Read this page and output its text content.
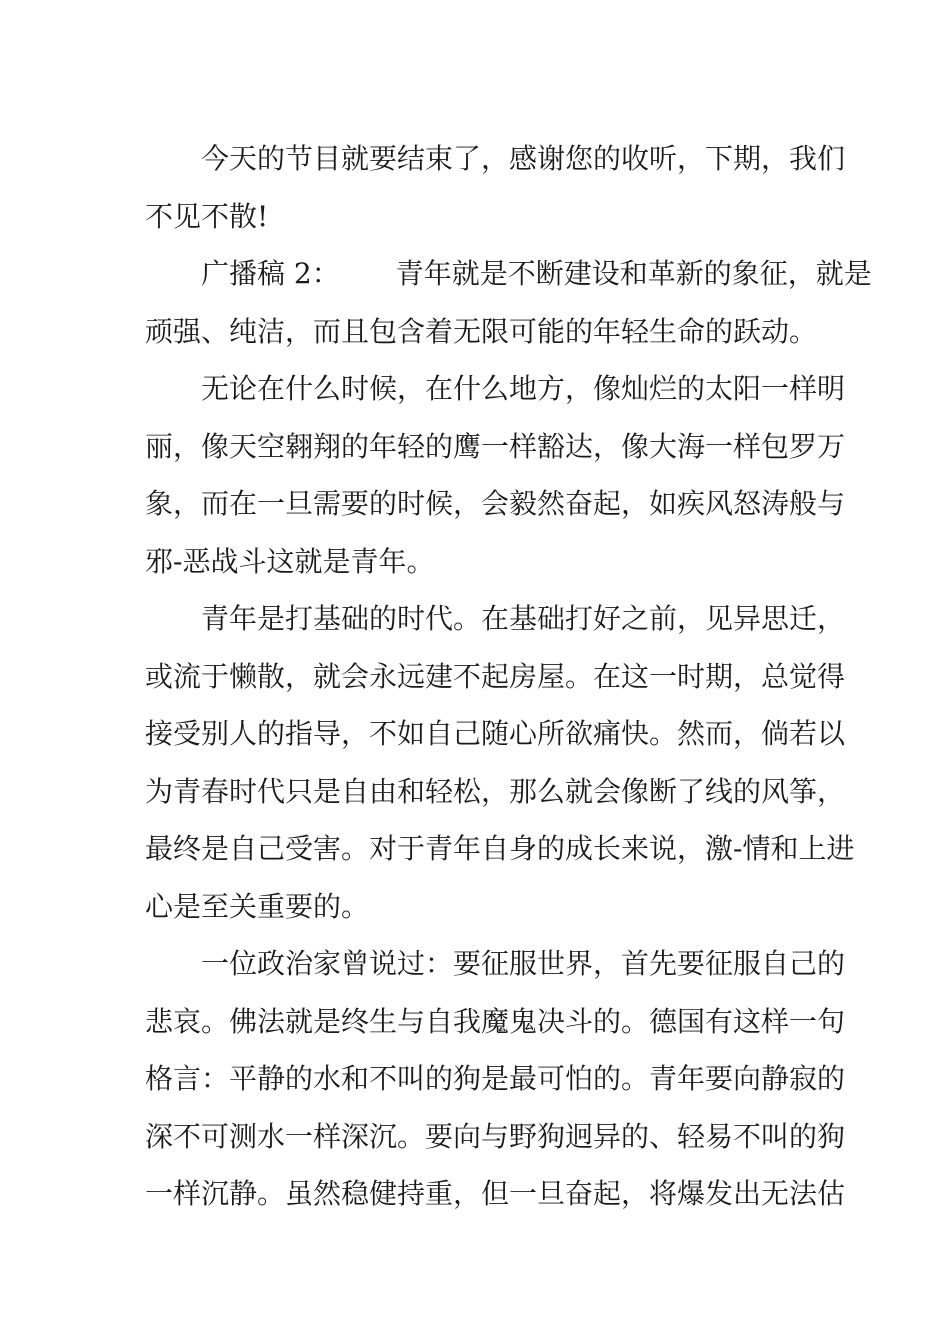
今天的节目就要结束了，感谢您的收听，下期，我们
不见不散!
广播稿 2： 青年就是不断建设和革新的象征，就是
顽强、纯洁，而且包含着无限可能的年轻生命的跃动。
无论在什么时候，在什么地方，像灿烂的太阳一样明
丽，像天空翱翔的年轻的鹰一样豁达，像大海一样包罗万
象，而在一旦需要的时候，会毅然奋起，如疾风怒涛般与
邪-恶战斗这就是青年。
青年是打基础的时代。在基础打好之前，见异思迁，
或流于懒散，就会永远建不起房屋。在这一时期，总觉得
接受别人的指导，不如自己随心所欲痛快。然而，倘若以
为青春时代只是自由和轻松，那么就会像断了线的风筝，
最终是自己受害。对于青年自身的成长来说，激-情和上进
心是至关重要的。
一位政治家曾说过：要征服世界，首先要征服自己的
悲哀。佛法就是终生与自我魔鬼决斗的。德国有这样一句
格言：平静的水和不叫的狗是最可怕的。青年要向静寂的
深不可测水一样深沉。要向与野狗迥异的、轻易不叫的狗
一样沉静。虽然稳健持重，但一旦奋起，将爆发出无法估
